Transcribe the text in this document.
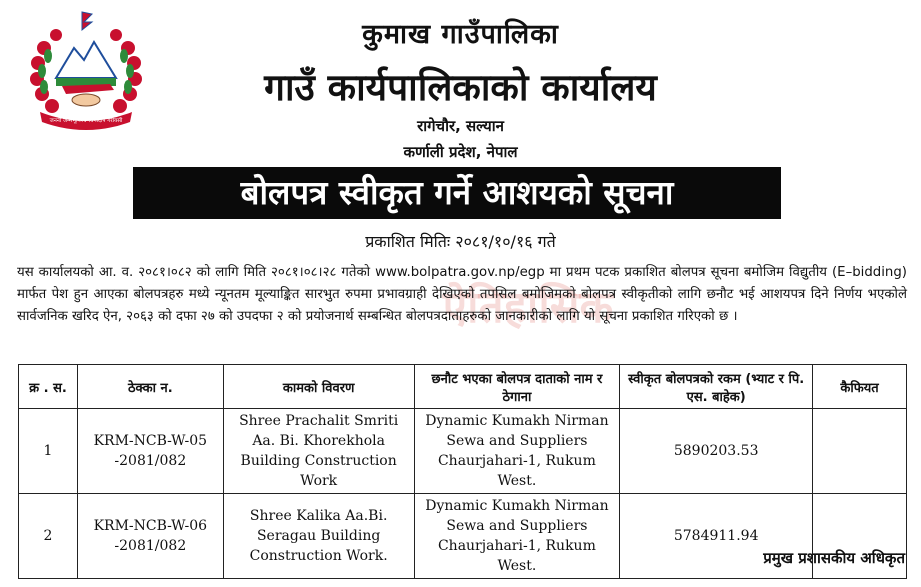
जननी जन्मभूमिश्च स्वर्गादपि गरीयसी
कुमाख गाउँपालिका
गाउँ कार्यपालिकाको कार्यालय
रागेचौर, सल्यान
कर्णाली प्रदेश, नेपाल
बोलपत्र स्वीकृत गर्ने आशयको सूचना
प्रकाशित मितिः २०८१/१०/१६ गते
ऐतिहासिक

यस कार्यालयको आ. व. २०८१।०८२ को लागि मिति २०८१।०८।२८ गतेको www.bolpatra.gov.np/egp मा प्रथम पटक प्रकाशित बोलपत्र सूचना बमोजिम विद्युतीय (E–bidding) मार्फत पेश हुन आएका बोलपत्रहरु मध्ये न्यूनतम मूल्याङ्कित सारभुत रुपमा प्रभावग्राही देखिएको तपसिल बमोजिमको बोलपत्र स्वीकृतीको लागि छनौट भई आशयपत्र दिने निर्णय भएकोले सार्वजनिक खरिद ऐन, २०६३ को दफा २७ को उपदफा २ को प्रयोजनार्थ सम्बन्धित बोलपत्रदाताहरुको जानकारीको लागि यो सूचना प्रकाशित गरिएको छ ।

क्र . स.	ठेक्का न.	कामको विवरण	छनौट भएका बोलपत्र दाताको नाम र ठेगाना	स्वीकृत बोलपत्रको रकम (भ्याट र पि. एस. बाहेक)	कैफियत
1	KRM-NCB-W-05 -2081/082	Shree Prachalit Smriti Aa. Bi. Khorekhola Building Construction Work	Dynamic Kumakh Nirman Sewa and Suppliers Chaurjahari-1, Rukum West.	5890203.53	
2	KRM-NCB-W-06 -2081/082	Shree Kalika Aa.Bi. Seragau Building Construction Work.	Dynamic Kumakh Nirman Sewa and Suppliers Chaurjahari-1, Rukum West.	5784911.94	
प्रमुख प्रशासकीय अधिकृत
